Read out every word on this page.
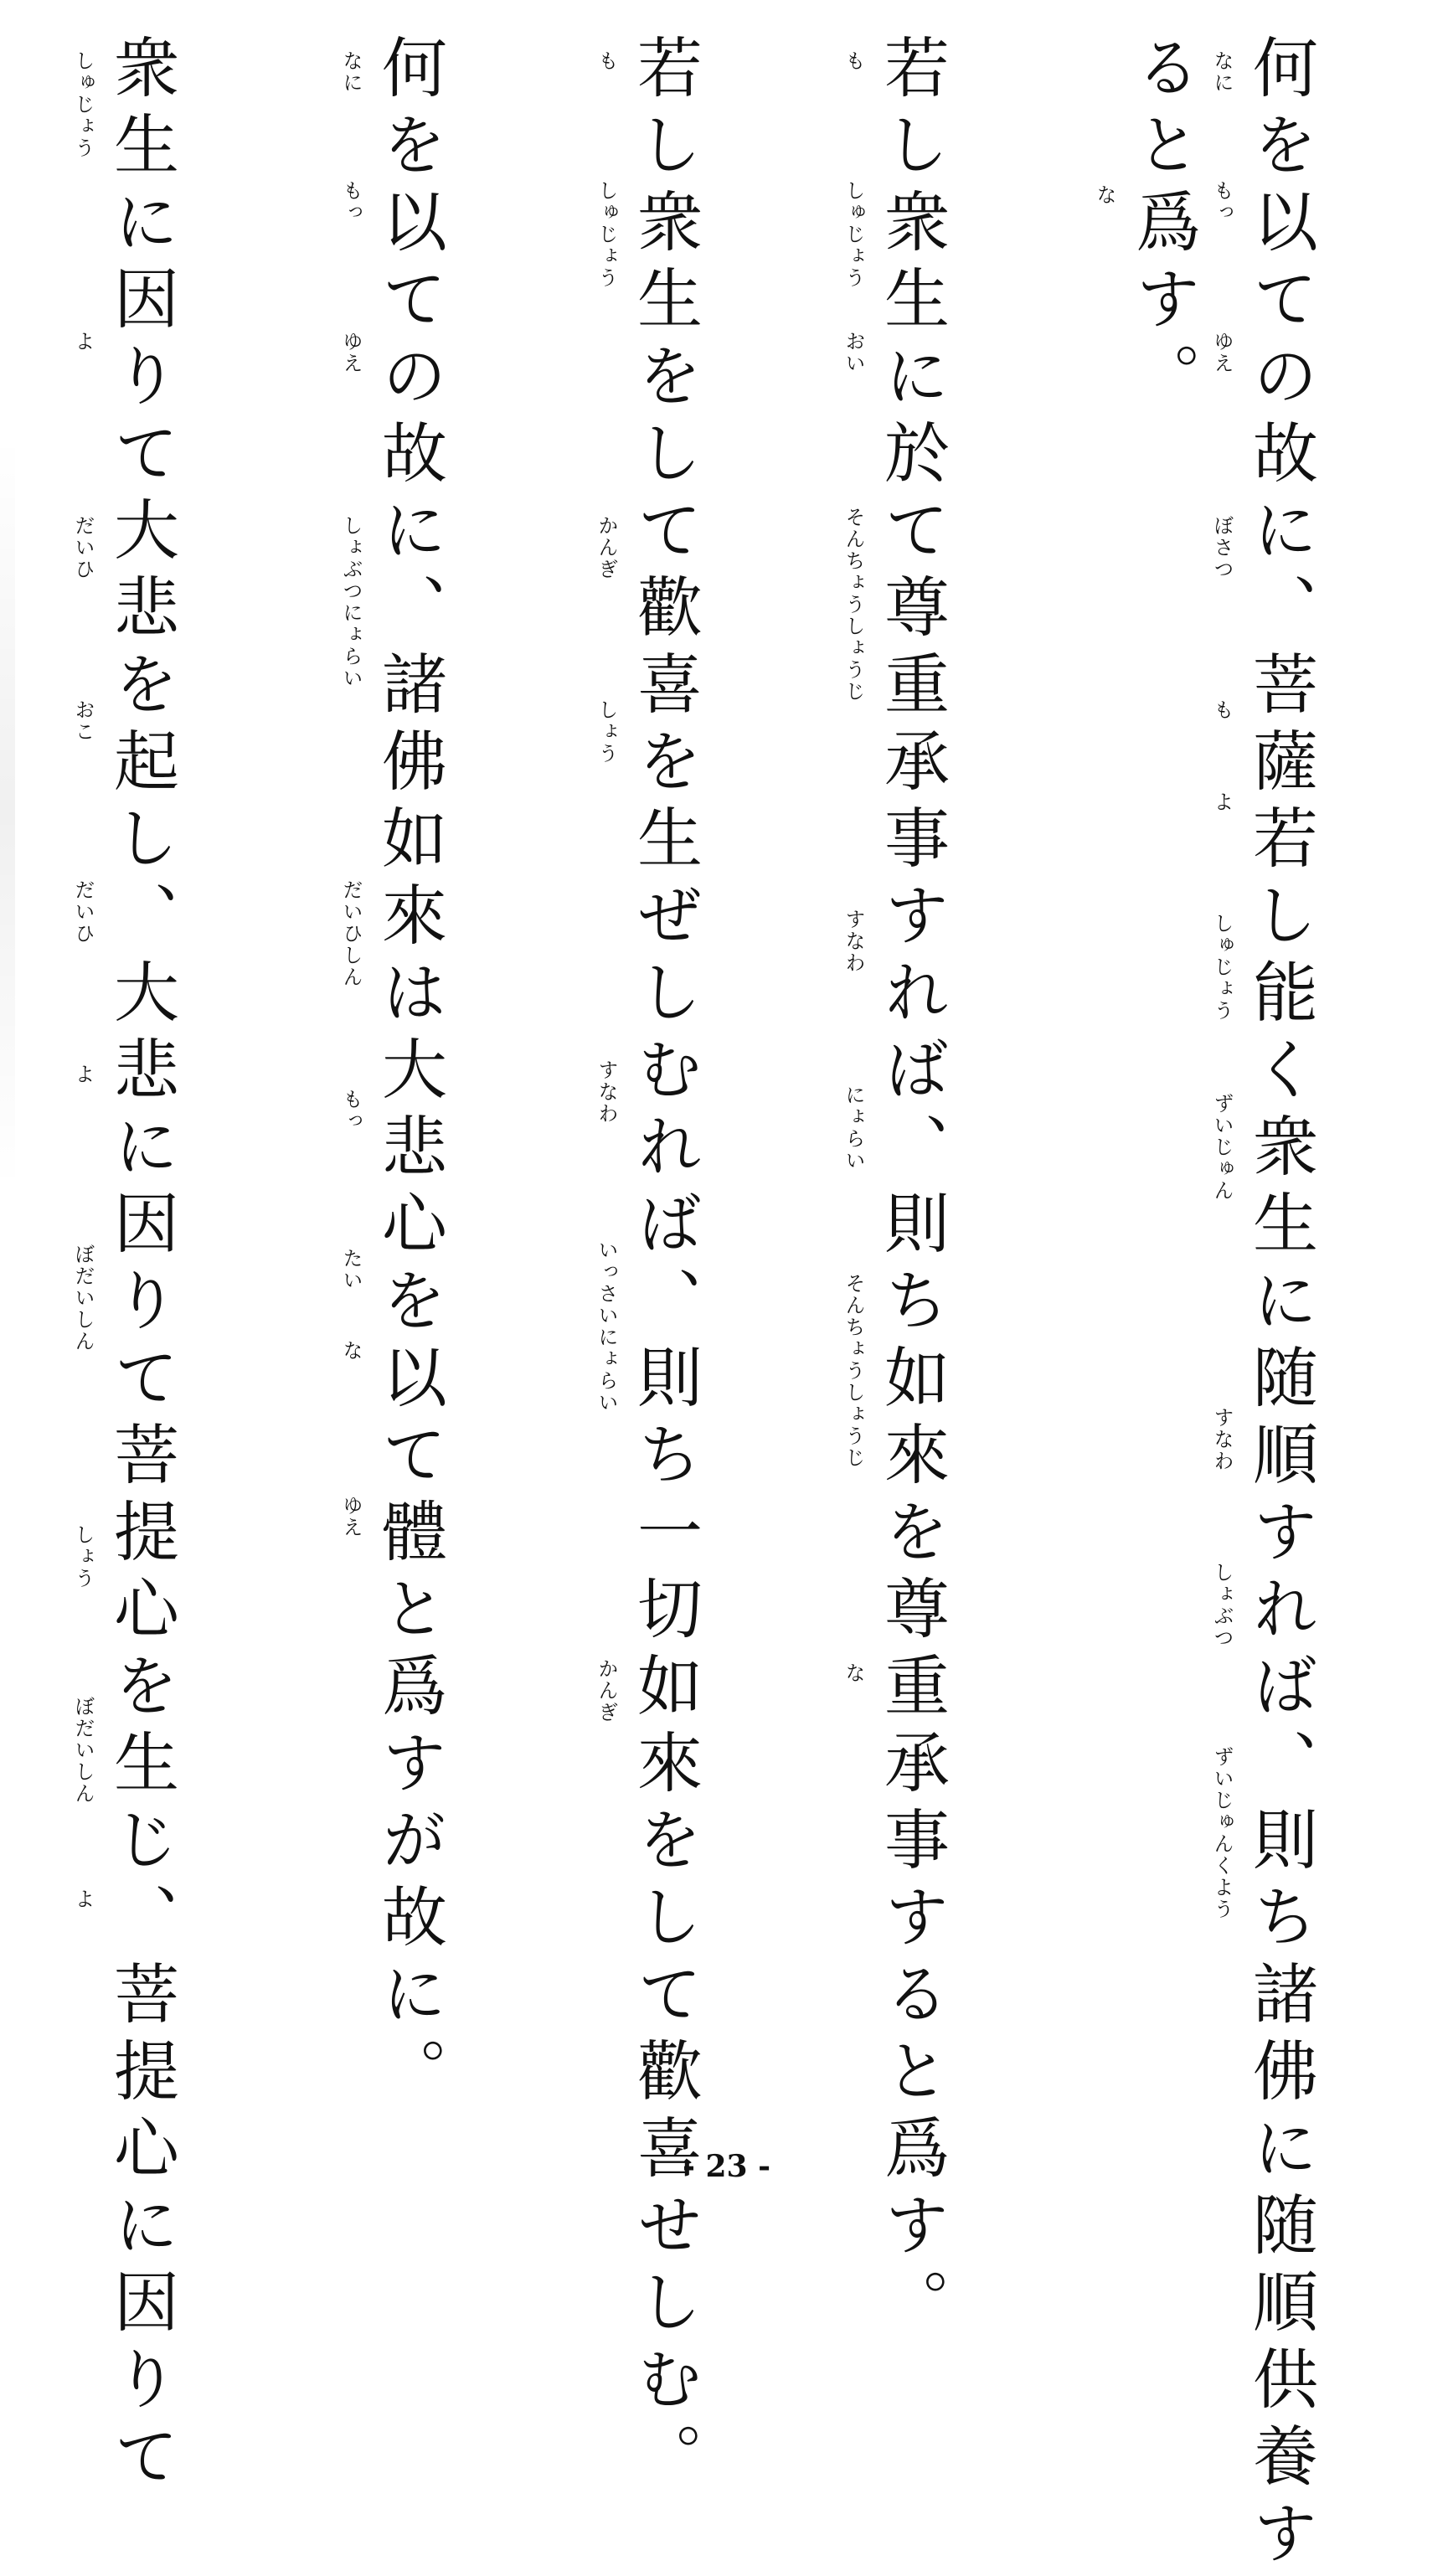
何を以ての故に、菩薩若し能く衆生に随順すれば、則ち諸佛に随順供養す
なに
もっ
ゆえ
ぼさつ
も
よ
しゅじょう
ずいじゅん
すなわ
しょぶつ
ずいじゅんくよう
ると爲す。
な
若し衆生に於て尊重承事すれば、則ち如來を尊重承事すると爲す。
も
しゅじょう
おい
そんちょうしょうじ
すなわ
にょらい
そんちょうしょうじ
な
若し衆生をして歡喜を生ぜしむれば、則ち一切如來をして歡喜せしむ。
も
しゅじょう
かんぎ
しょう
すなわ
いっさいにょらい
かんぎ
何を以ての故に、諸佛如來は大悲心を以て體と爲すが故に。
なに
もっ
ゆえ
しょぶつにょらい
だいひしん
もっ
たい
な
ゆえ
衆生に因りて大悲を起し、大悲に因りて菩提心を生じ、菩提心に因りて
しゅじょう
よ
だいひ
おこ
だいひ
よ
ぼだいしん
しょう
ぼだいしん
よ
- 23 -
